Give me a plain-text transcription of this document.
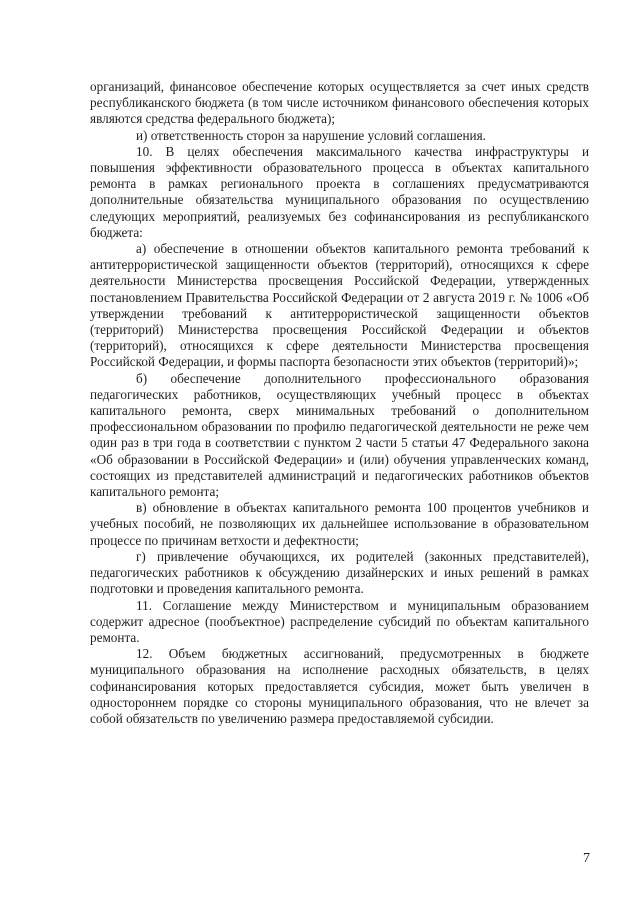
организаций, финансовое обеспечение которых осуществляется за счет иных средств республиканского бюджета (в том числе источником финансового обеспечения которых являются средства федерального бюджета);

и) ответственность сторон за нарушение условий соглашения.

10. В целях обеспечения максимального качества инфраструктуры и повышения эффективности образовательного процесса в объектах капитального ремонта в рамках регионального проекта в соглашениях предусматриваются дополнительные обязательства муниципального образования по осуществлению следующих мероприятий, реализуемых без софинансирования из республиканского бюджета:

а) обеспечение в отношении объектов капитального ремонта требований к антитеррористической защищенности объектов (территорий), относящихся к сфере деятельности Министерства просвещения Российской Федерации, утвержденных постановлением Правительства Российской Федерации от 2 августа 2019 г. № 1006 «Об утверждении требований к антитеррористической защищенности объектов (территорий) Министерства просвещения Российской Федерации и объектов (территорий), относящихся к сфере деятельности Министерства просвещения Российской Федерации, и формы паспорта безопасности этих объектов (территорий)»;

б) обеспечение дополнительного профессионального образования педагогических работников, осуществляющих учебный процесс в объектах капитального ремонта, сверх минимальных требований о дополнительном профессиональном образовании по профилю педагогической деятельности не реже чем один раз в три года в соответствии с пунктом 2 части 5 статьи 47 Федерального закона «Об образовании в Российской Федерации» и (или) обучения управленческих команд, состоящих из представителей администраций и педагогических работников объектов капитального ремонта;

в) обновление в объектах капитального ремонта 100 процентов учебников и учебных пособий, не позволяющих их дальнейшее использование в образовательном процессе по причинам ветхости и дефектности;

г) привлечение обучающихся, их родителей (законных представителей), педагогических работников к обсуждению дизайнерских и иных решений в рамках подготовки и проведения капитального ремонта.

11. Соглашение между Министерством и муниципальным образованием содержит адресное (пообъектное) распределение субсидий по объектам капитального ремонта.

12. Объем бюджетных ассигнований, предусмотренных в бюджете муниципального образования на исполнение расходных обязательств, в целях софинансирования которых предоставляется субсидия, может быть увеличен в одностороннем порядке со стороны муниципального образования, что не влечет за собой обязательств по увеличению размера предоставляемой субсидии.

7
